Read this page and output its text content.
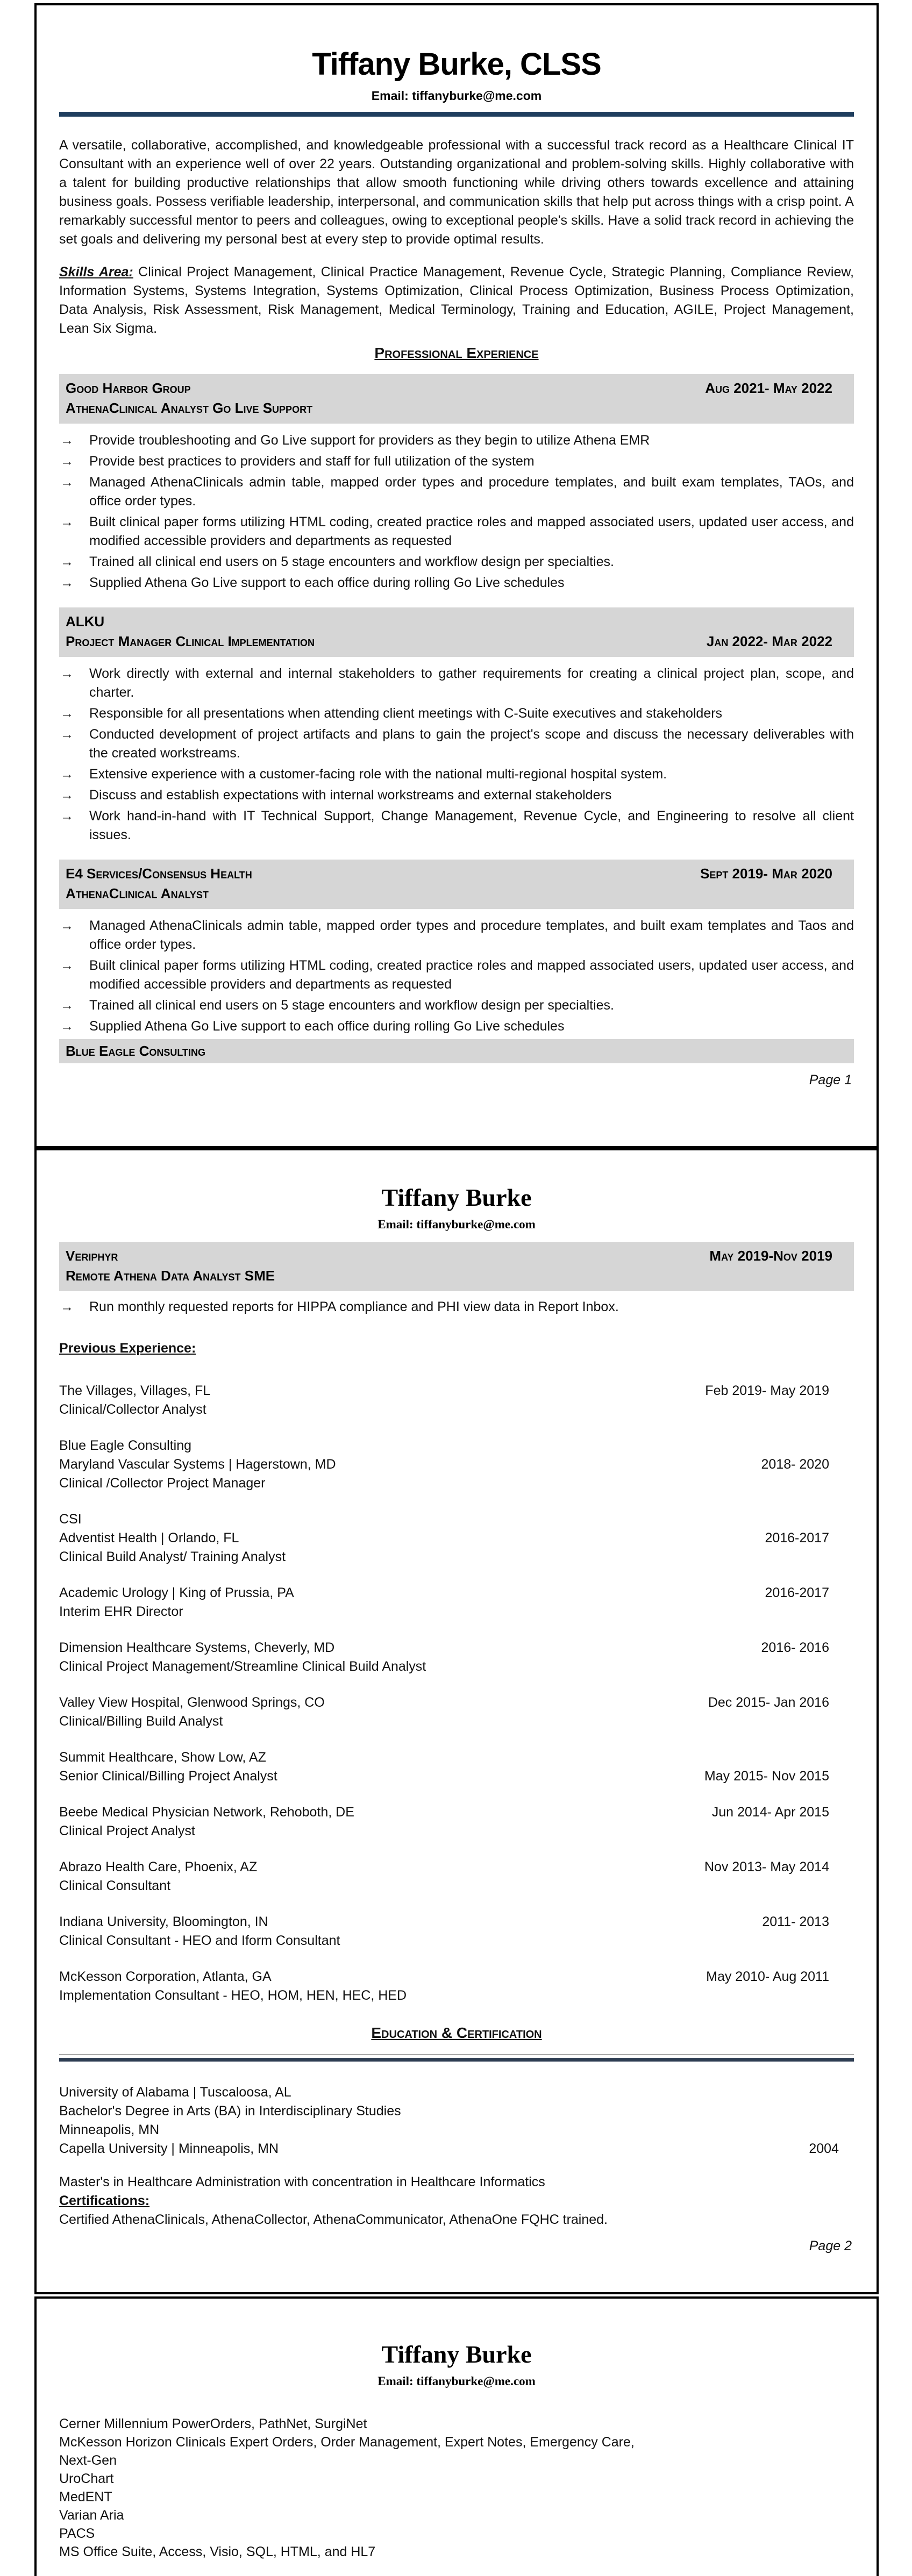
Tiffany Burke, CLSS
Email: tiffanyburke@me.com

A versatile, collaborative, accomplished, and knowledgeable professional with a successful track record as a Healthcare Clinical IT Consultant with an experience well of over 22 years. Outstanding organizational and problem-solving skills. Highly collaborative with a talent for building productive relationships that allow smooth functioning while driving others towards excellence and attaining business goals. Possess verifiable leadership, interpersonal, and communication skills that help put across things with a crisp point. A remarkably successful mentor to peers and colleagues, owing to exceptional people's skills. Have a solid track record in achieving the set goals and delivering my personal best at every step to provide optimal results.

Skills Area: Clinical Project Management, Clinical Practice Management, Revenue Cycle, Strategic Planning, Compliance Review, Information Systems, Systems Integration, Systems Optimization, Clinical Process Optimization, Business Process Optimization, Data Analysis, Risk Assessment, Risk Management, Medical Terminology, Training and Education, AGILE, Project Management, Lean Six Sigma.

Professional Experience
Good Harbor Group	Aug 2021- May 2022
AthenaClinical Analyst Go Live Support

→ Provide troubleshooting and Go Live support for providers as they begin to utilize Athena EMR

→ Provide best practices to providers and staff for full utilization of the system

→ Managed AthenaClinicals admin table, mapped order types and procedure templates, and built exam templates, TAOs, and office order types.

→ Built clinical paper forms utilizing HTML coding, created practice roles and mapped associated users, updated user access, and modified accessible providers and departments as requested

→ Trained all clinical end users on 5 stage encounters and workflow design per specialties.

→ Supplied Athena Go Live support to each office during rolling Go Live schedules

ALKU
Project Manager Clinical Implementation	Jan 2022- Mar 2022

→ Work directly with external and internal stakeholders to gather requirements for creating a clinical project plan, scope, and charter.

→ Responsible for all presentations when attending client meetings with C-Suite executives and stakeholders

→ Conducted development of project artifacts and plans to gain the project's scope and discuss the necessary deliverables with the created workstreams.

→ Extensive experience with a customer-facing role with the national multi-regional hospital system.

→ Discuss and establish expectations with internal workstreams and external stakeholders

→ Work hand-in-hand with IT Technical Support, Change Management, Revenue Cycle, and Engineering to resolve all client issues.

E4 Services/Consensus Health	Sept 2019- Mar 2020
AthenaClinical Analyst

→ Managed AthenaClinicals admin table, mapped order types and procedure templates, and built exam templates and Taos and office order types.

→ Built clinical paper forms utilizing HTML coding, created practice roles and mapped associated users, updated user access, and modified accessible providers and departments as requested

→ Trained all clinical end users on 5 stage encounters and workflow design per specialties.

→ Supplied Athena Go Live support to each office during rolling Go Live schedules

Blue Eagle Consulting
Page 1
Tiffany Burke
Email: tiffanyburke@me.com
Veriphyr	May 2019-Nov 2019
Remote Athena Data Analyst SME

→ Run monthly requested reports for HIPPA compliance and PHI view data in Report Inbox.

Previous Experience:
The Villages, Villages, FL	Feb 2019- May 2019
Clinical/Collector Analyst
Blue Eagle Consulting
Maryland Vascular Systems | Hagerstown, MD	2018- 2020
Clinical /Collector Project Manager
CSI
Adventist Health | Orlando, FL	2016-2017
Clinical Build Analyst/ Training Analyst
Academic Urology | King of Prussia, PA	2016-2017
Interim EHR Director
Dimension Healthcare Systems, Cheverly, MD	2016- 2016
Clinical Project Management/Streamline Clinical Build Analyst
Valley View Hospital, Glenwood Springs, CO	Dec 2015- Jan 2016
Clinical/Billing Build Analyst
Summit Healthcare, Show Low, AZ
Senior Clinical/Billing Project Analyst	May 2015- Nov 2015
Beebe Medical Physician Network, Rehoboth, DE	Jun 2014- Apr 2015
Clinical Project Analyst
Abrazo Health Care, Phoenix, AZ	Nov 2013- May 2014
Clinical Consultant
Indiana University, Bloomington, IN	2011- 2013
Clinical Consultant - HEO and Iform Consultant
McKesson Corporation, Atlanta, GA	May 2010- Aug 2011
Implementation Consultant - HEO, HOM, HEN, HEC, HED
Education & Certification
University of Alabama | Tuscaloosa, AL
Bachelor's Degree in Arts (BA) in Interdisciplinary Studies
Minneapolis, MN
Capella University | Minneapolis, MN	2004
Master's in Healthcare Administration with concentration in Healthcare Informatics
Certifications:
Certified AthenaClinicals, AthenaCollector, AthenaCommunicator, AthenaOne FQHC trained.
Page 2
Tiffany Burke
Email: tiffanyburke@me.com
Cerner Millennium PowerOrders, PathNet, SurgiNet
McKesson Horizon Clinicals Expert Orders, Order Management, Expert Notes, Emergency Care,
Next-Gen
UroChart
MedENT
Varian Aria
PACS
MS Office Suite, Access, Visio, SQL, HTML, and HL7
